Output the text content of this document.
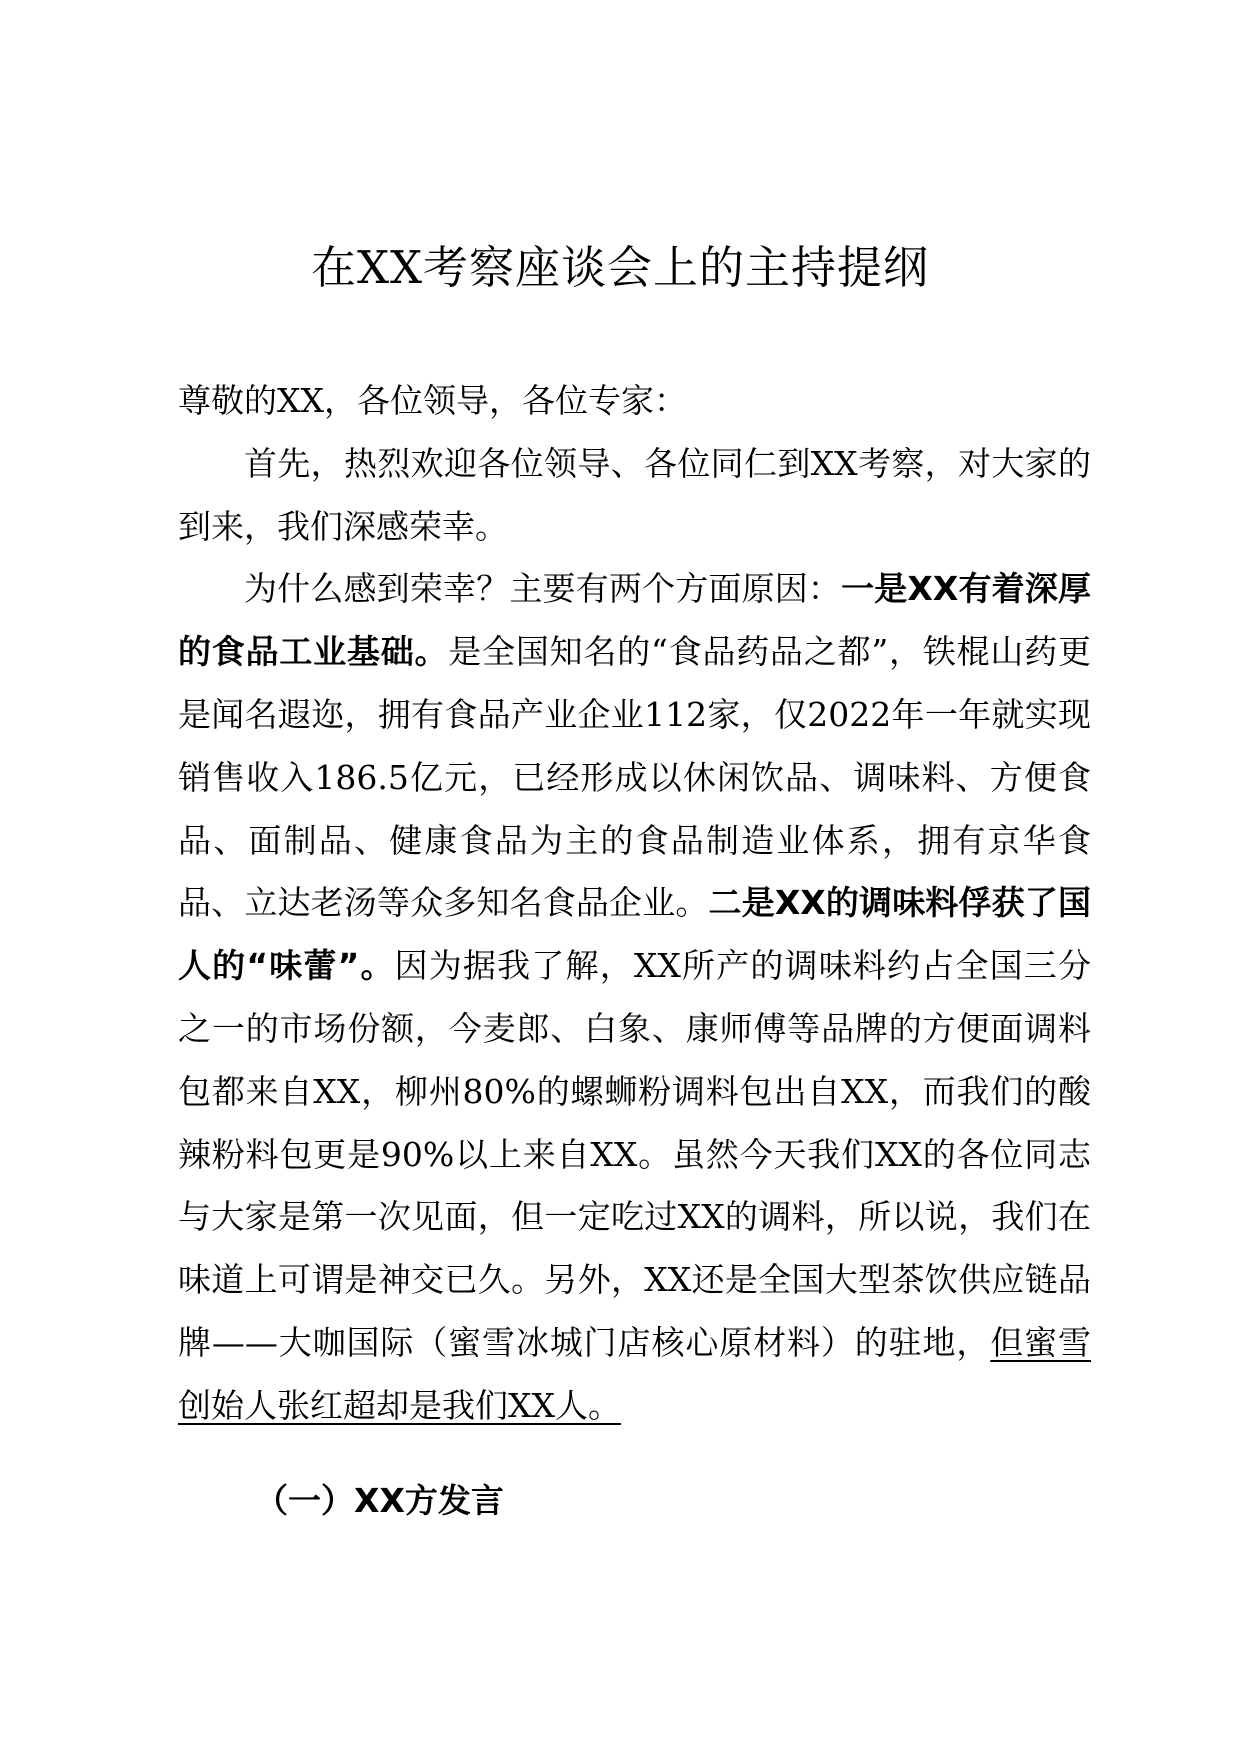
在XX考察座谈会上的主持提纲

尊敬的XX，各位领导，各位专家：

首先，热烈欢迎各位领导、各位同仁到XX考察，对大家的到来，我们深感荣幸。

为什么感到荣幸？主要有两个方面原因：一是XX有着深厚的食品工业基础。是全国知名的“食品药品之都”，铁棍山药更是闻名遐迩，拥有食品产业企业112家，仅2022年一年就实现销售收入186.5亿元，已经形成以休闲饮品、调味料、方便食品、面制品、健康食品为主的食品制造业体系，拥有京华食品、立达老汤等众多知名食品企业。二是XX的调味料俘获了国人的“味蕾”。因为据我了解，XX所产的调味料约占全国三分之一的市场份额，今麦郎、白象、康师傅等品牌的方便面调料包都来自XX，柳州80%的螺蛳粉调料包出自XX，而我们的酸辣粉料包更是90%以上来自XX。虽然今天我们XX的各位同志与大家是第一次见面，但一定吃过XX的调料，所以说，我们在味道上可谓是神交已久。另外，XX还是全国大型茶饮供应链品牌——大咖国际（蜜雪冰城门店核心原材料）的驻地，但蜜雪创始人张红超却是我们XX人。

（一）XX方发言
